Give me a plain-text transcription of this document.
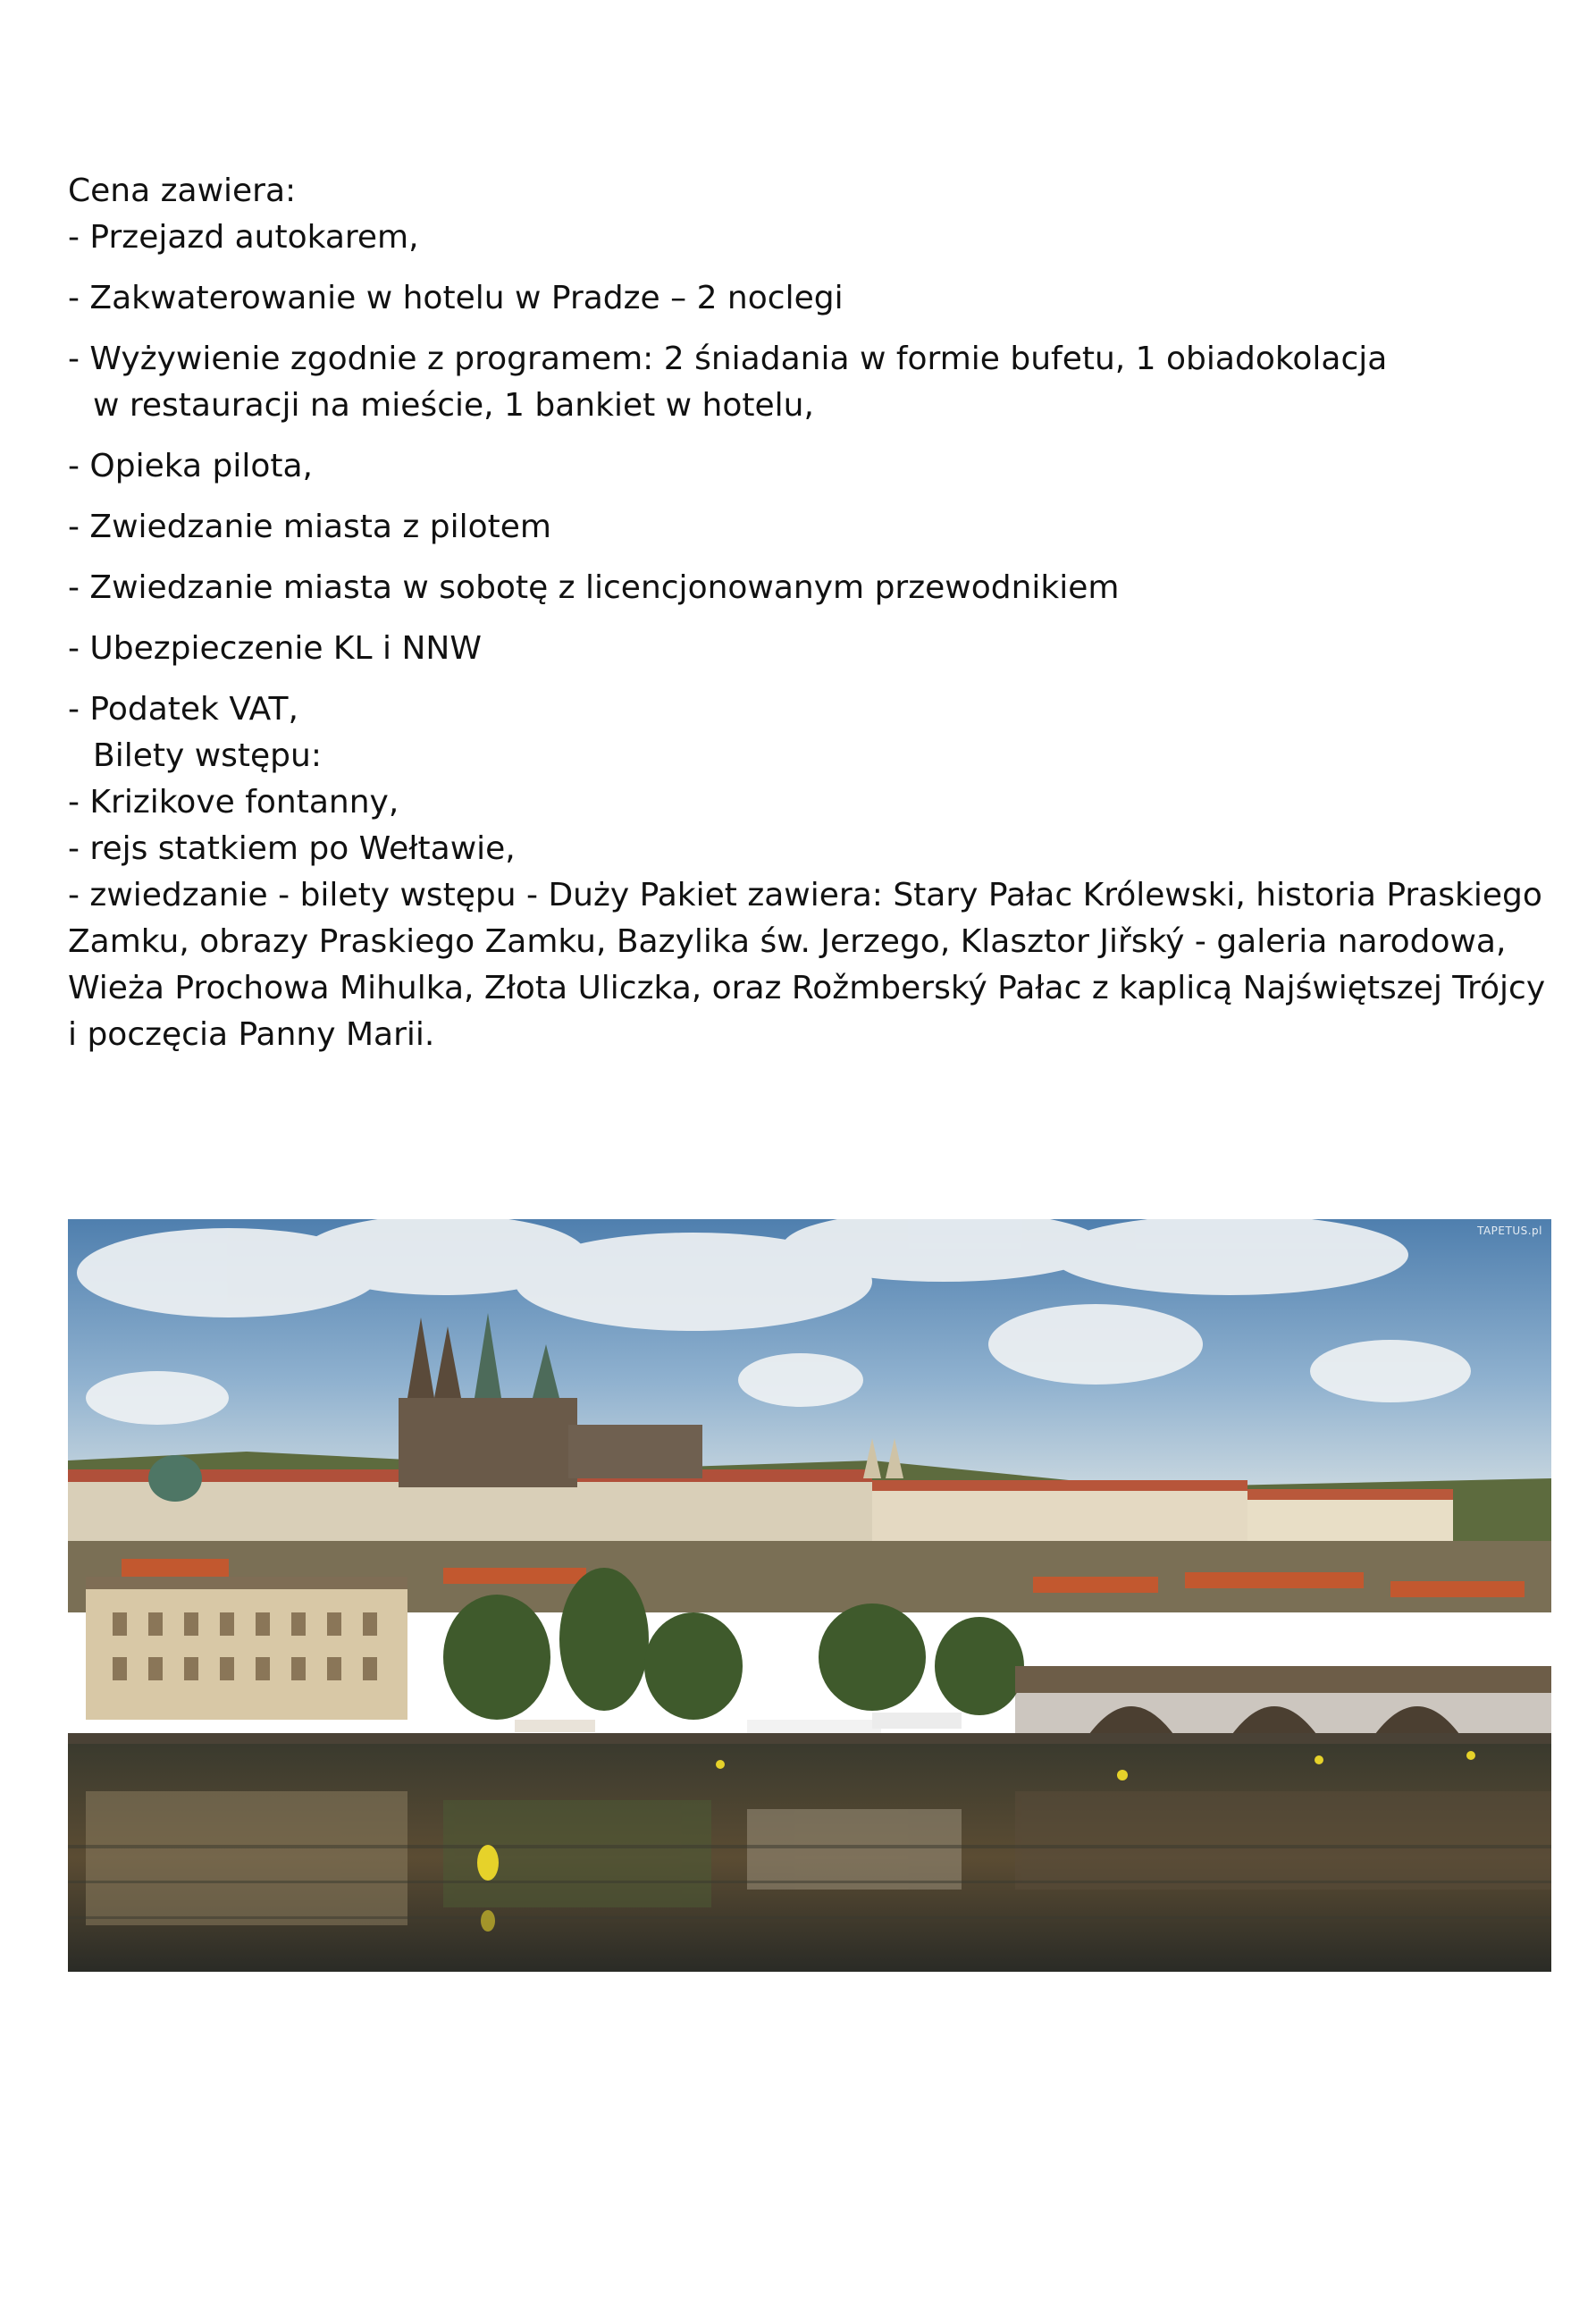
Cena zawiera:
- Przejazd autokarem,
- Zakwaterowanie w hotelu w Pradze – 2 noclegi
- Wyżywienie zgodnie z programem: 2 śniadania w formie bufetu, 1 obiadokolacja
w restauracji na mieście, 1 bankiet w hotelu,
- Opieka pilota,
- Zwiedzanie miasta z pilotem
- Zwiedzanie miasta w sobotę z licencjonowanym przewodnikiem
- Ubezpieczenie KL i NNW
- Podatek VAT,
Bilety wstępu:
- Krizikove fontanny,
- rejs statkiem po Wełtawie,
- zwiedzanie - bilety wstępu - Duży Pakiet zawiera: Stary Pałac Królewski, historia Praskiego
Zamku, obrazy Praskiego Zamku, Bazylika św. Jerzego, Klasztor Jiřský - galeria narodowa,
Wieża Prochowa Mihulka, Złota Uliczka, oraz Rožmberský Pałac z kaplicą Najświętszej Trójcy
i poczęcia Panny Marii.
TAPETUS.pl
